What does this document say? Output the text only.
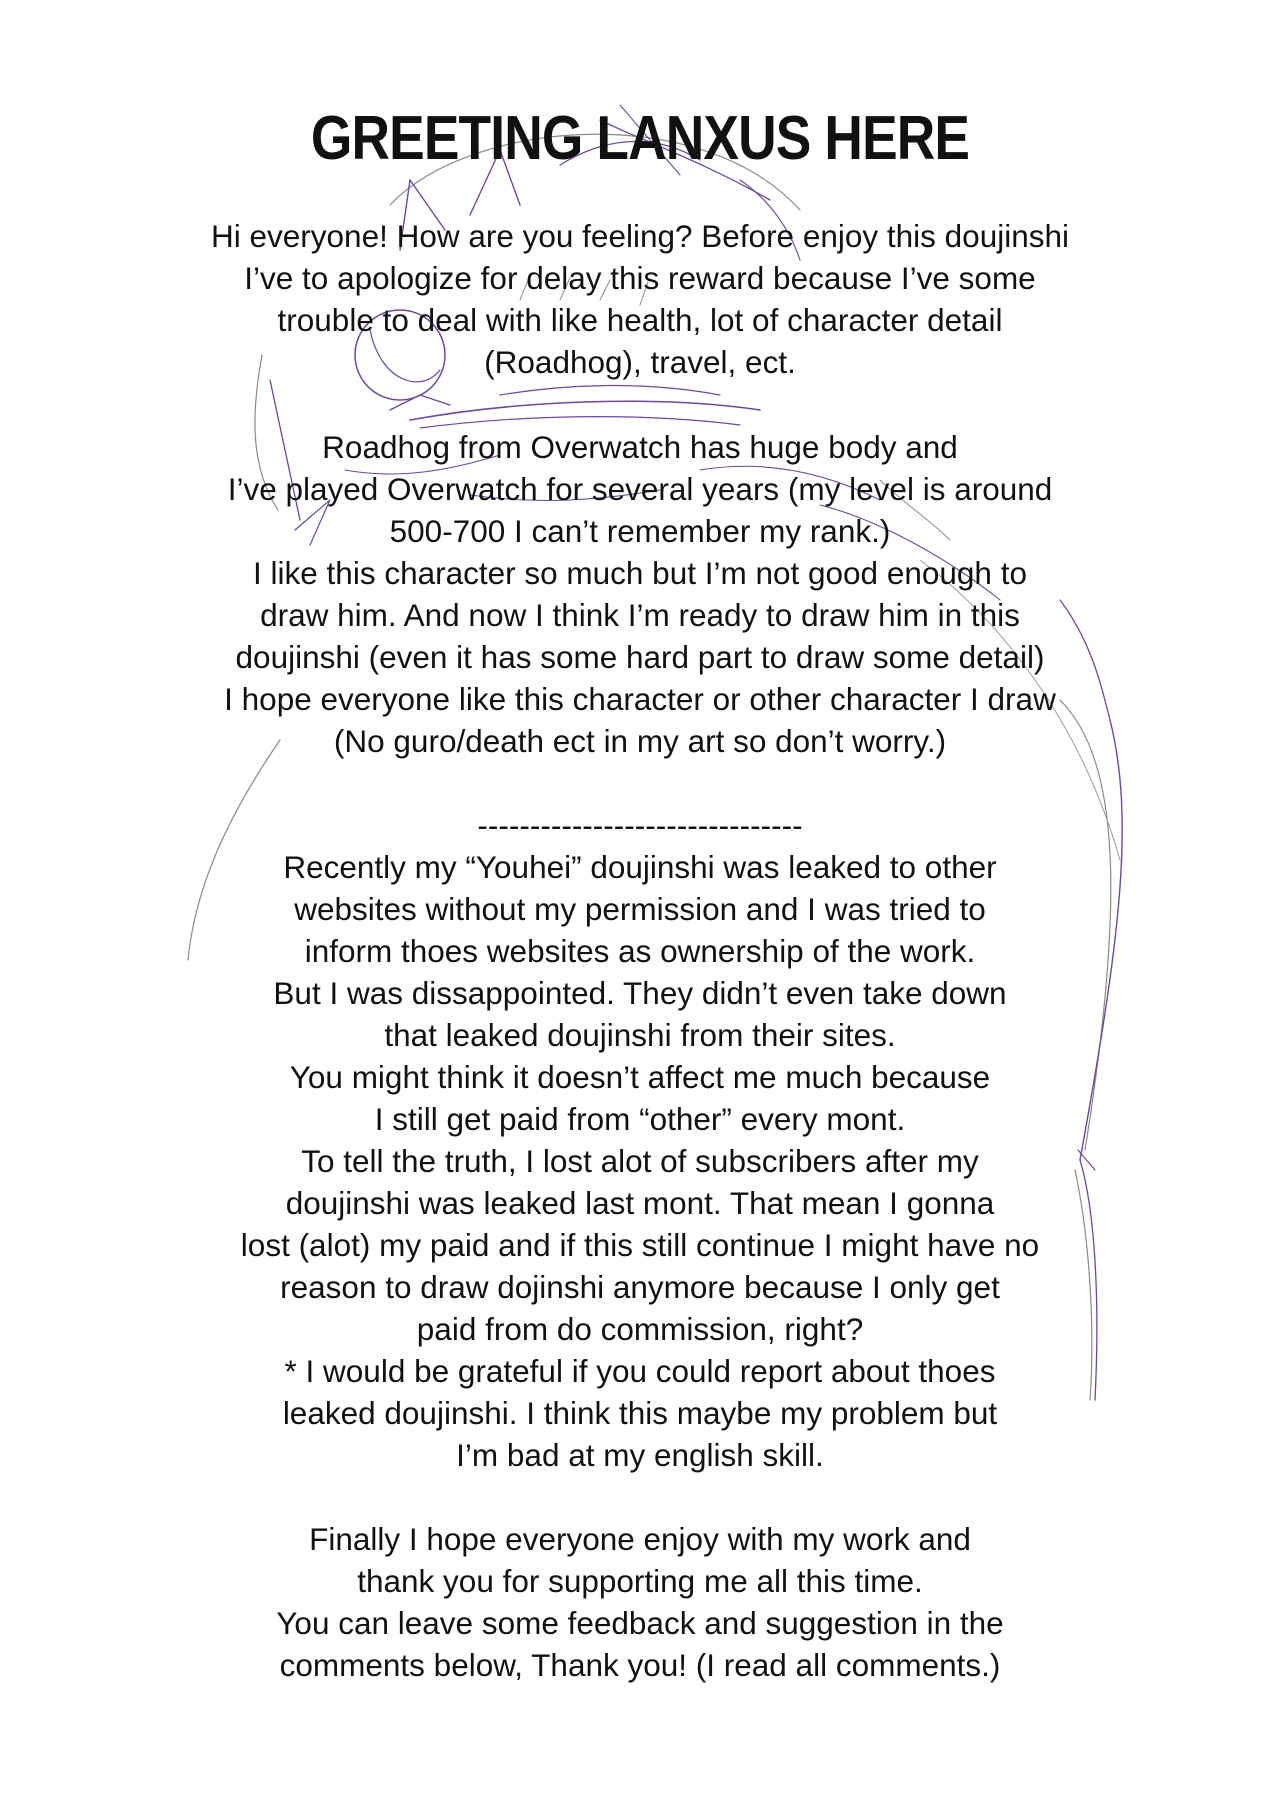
GREETING LANXUS HERE
Hi everyone! How are you feeling? Before enjoy this doujinshi
I’ve to apologize for delay this reward because I’ve some
trouble to deal with like health, lot of character detail
(Roadhog), travel, ect.
Roadhog from Overwatch has huge body and
I’ve played Overwatch for several years (my level is around
500-700 I can’t remember my rank.)
I like this character so much but I’m not good enough to
draw him. And now I think I’m ready to draw him in this
doujinshi (even it has some hard part to draw some detail)
I hope everyone like this character or other character I draw
(No guro/death ect in my art so don’t worry.)
-------------------------------
Recently my “Youhei” doujinshi was leaked to other
websites without my permission and I was tried to
inform thoes websites as ownership of the work.
But I was dissappointed. They didn’t even take down
that leaked doujinshi from their sites.
You might think it doesn’t affect me much because
I still get paid from “other” every mont.
To tell the truth, I lost alot of subscribers after my
doujinshi was leaked last mont. That mean I gonna
lost (alot) my paid and if this still continue I might have no
reason to draw dojinshi anymore because I only get
paid from do commission, right?
* I would be grateful if you could report about thoes
leaked doujinshi. I think this maybe my problem but
I’m bad at my english skill.
Finally I hope everyone enjoy with my work and
thank you for supporting me all this time.
You can leave some feedback and suggestion in the
comments below, Thank you! (I read all comments.)
